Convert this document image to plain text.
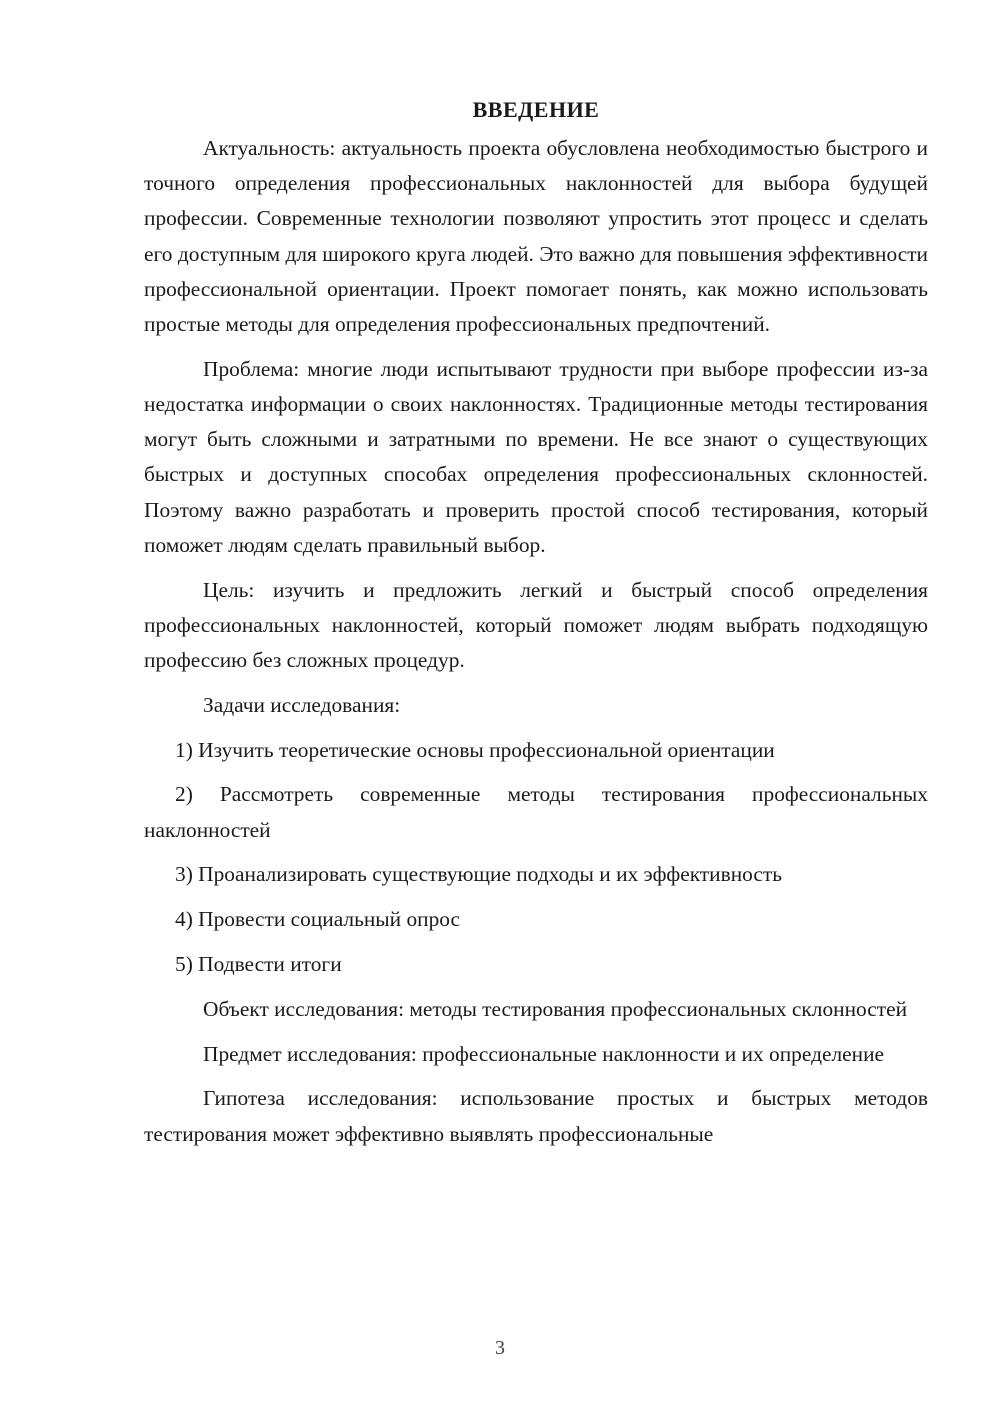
ВВЕДЕНИЕ

Актуальность: актуальность проекта обусловлена необходимостью быстрого и точного определения профессиональных наклонностей для выбора будущей профессии. Современные технологии позволяют упростить этот процесс и сделать его доступным для широкого круга людей. Это важно для повышения эффективности профессиональной ориентации. Проект помогает понять, как можно использовать простые методы для определения профессиональных предпочтений.

Проблема: многие люди испытывают трудности при выборе профессии из-за недостатка информации о своих наклонностях. Традиционные методы тестирования могут быть сложными и затратными по времени. Не все знают о существующих быстрых и доступных способах определения профессиональных склонностей. Поэтому важно разработать и проверить простой способ тестирования, который поможет людям сделать правильный выбор.

Цель: изучить и предложить легкий и быстрый способ определения профессиональных наклонностей, который поможет людям выбрать подходящую профессию без сложных процедур.

Задачи исследования:

1) Изучить теоретические основы профессиональной ориентации

2) Рассмотреть современные методы тестирования профессиональных наклонностей

3) Проанализировать существующие подходы и их эффективность

4) Провести социальный опрос

5) Подвести итоги

Объект исследования: методы тестирования профессиональных склонностей

Предмет исследования: профессиональные наклонности и их определение

Гипотеза исследования: использование простых и быстрых методов тестирования может эффективно выявлять профессиональные

3
